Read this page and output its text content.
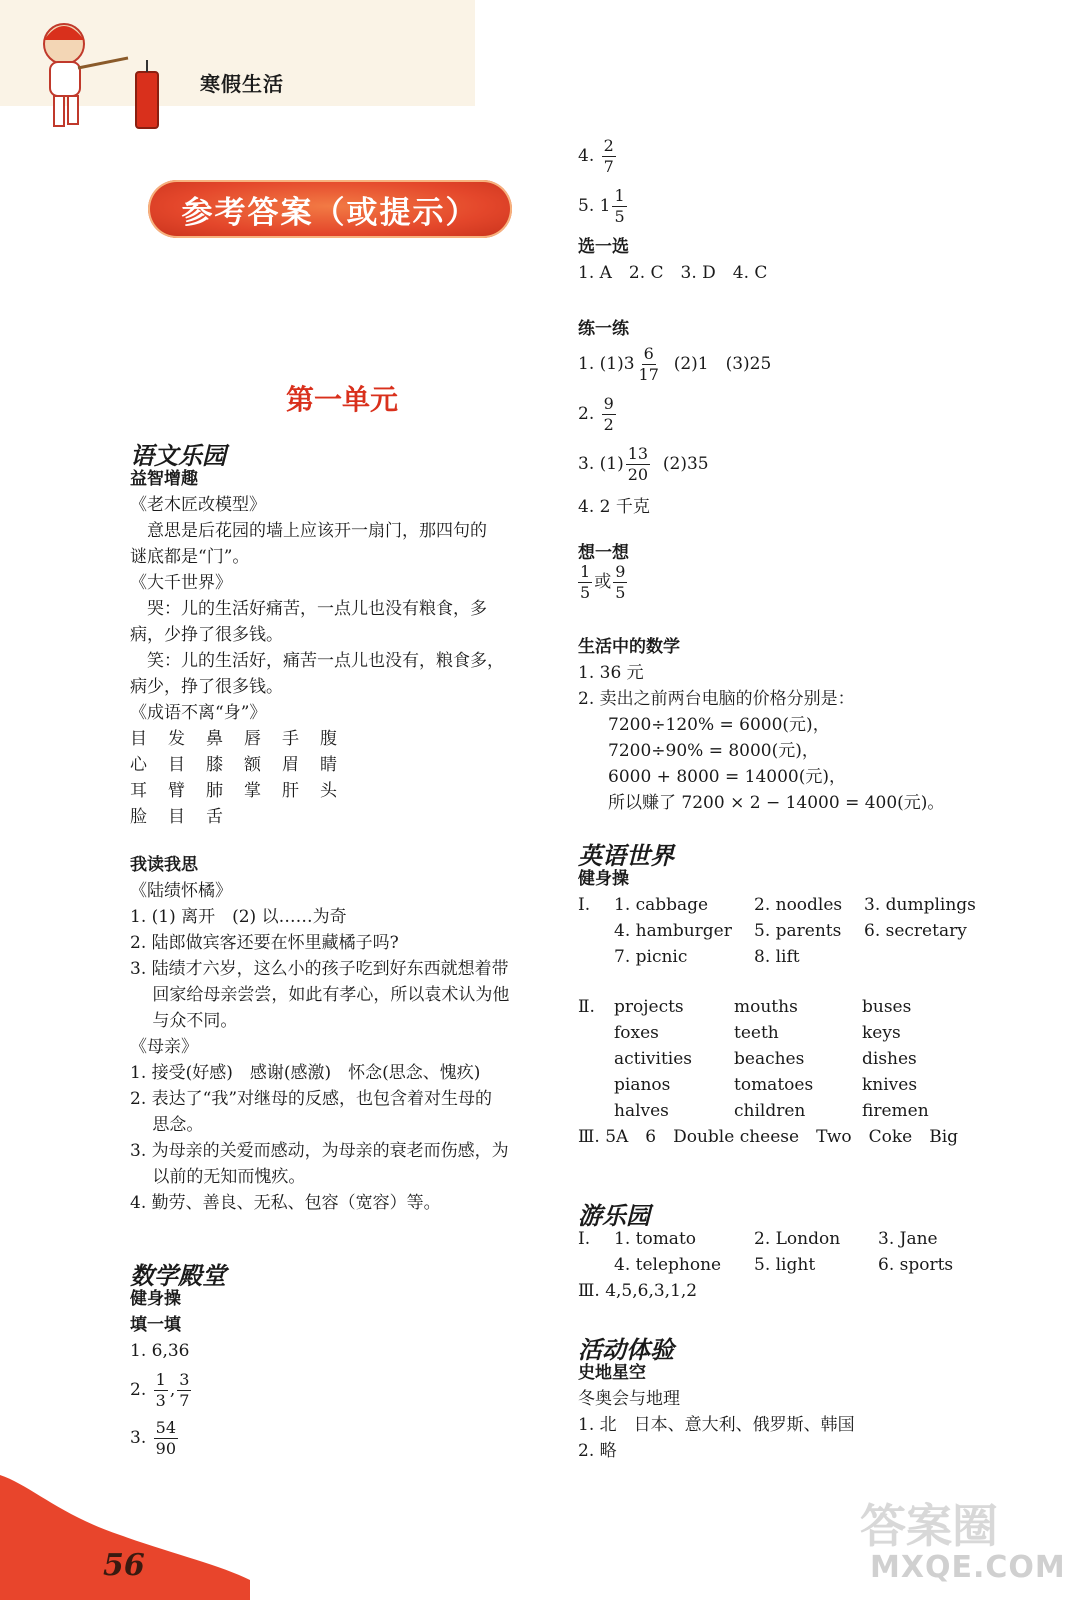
寒假生活
参考答案（或提示）
第一单元
语文乐园
益智增趣
《老木匠改模型》
　意思是后花园的墙上应该开一扇门，那四句的
谜底都是“门”。
《大千世界》
　哭：儿的生活好痛苦，一点儿也没有粮食，多
病，少挣了很多钱。
　笑：儿的生活好，痛苦一点儿也没有，粮食多，
病少，挣了很多钱。
《成语不离“身”》
目 发 鼻 唇 手 腹
心 目 膝 额 眉 睛
耳 臂 肺 掌 肝 头
脸 目 舌
我读我思
《陆绩怀橘》
1. (1) 离开　(2) 以……为奇
2. 陆郎做宾客还要在怀里藏橘子吗?
3. 陆绩才六岁，这么小的孩子吃到好东西就想着带
　 回家给母亲尝尝，如此有孝心，所以袁术认为他
　 与众不同。
《母亲》
1. 接受(好感)　感谢(感激)　怀念(思念、愧疚)
2. 表达了“我”对继母的反感，也包含着对生母的
　 思念。
3. 为母亲的关爱而感动，为母亲的衰老而伤感，为
　 以前的无知而愧疚。
4. 勤劳、善良、无私、包容（宽容）等。
数学殿堂
健身操
填一填
1. 6,36
2. $\frac{1}{3}$ , $\frac{3}{7}$
3. $\frac{54}{90}$
4. $\frac{2}{7}$
5. $1 \frac{1}{5}$
选一选
1. A　2. C　3. D　4. C
练一练
1. $(1)3 \frac{6}{17} (2)1$　(3)25
2. $\frac{9}{2}$
3. $(1) \frac{13}{20} (2)35$
4. 2 千克
想一想
$\frac{1}{5}$ 或 $\frac{9}{5}$
生活中的数学
1. 36 元
2. 卖出之前两台电脑的价格分别是：
7200÷120% = 6000(元)，
7200÷90% = 8000(元)，
6000 + 8000 = 14000(元)，
所以赚了 7200 × 2 − 14000 = 400(元)。
英语世界
健身操
Ⅰ. 1. cabbage	2. noodles 3. dumplings
4. hamburger 5. parents 6. secretary
7. picnic	8. lift
Ⅱ. projects	mouths	buses
foxes	teeth	keys
activities beaches	dishes
pianos	tomatoes	knives
halves	children	firemen
Ⅲ. 5A　6　Double cheese　Two　Coke　Big
游乐园
Ⅰ. 1. tomato	2. London 3. Jane
4. telephone 5. light	6. sports
Ⅲ. 4,5,6,3,1,2
活动体验
史地星空
冬奥会与地理
1. 北　日本、意大利、俄罗斯、韩国
2. 略
56
答案圈
MXQE.COM
